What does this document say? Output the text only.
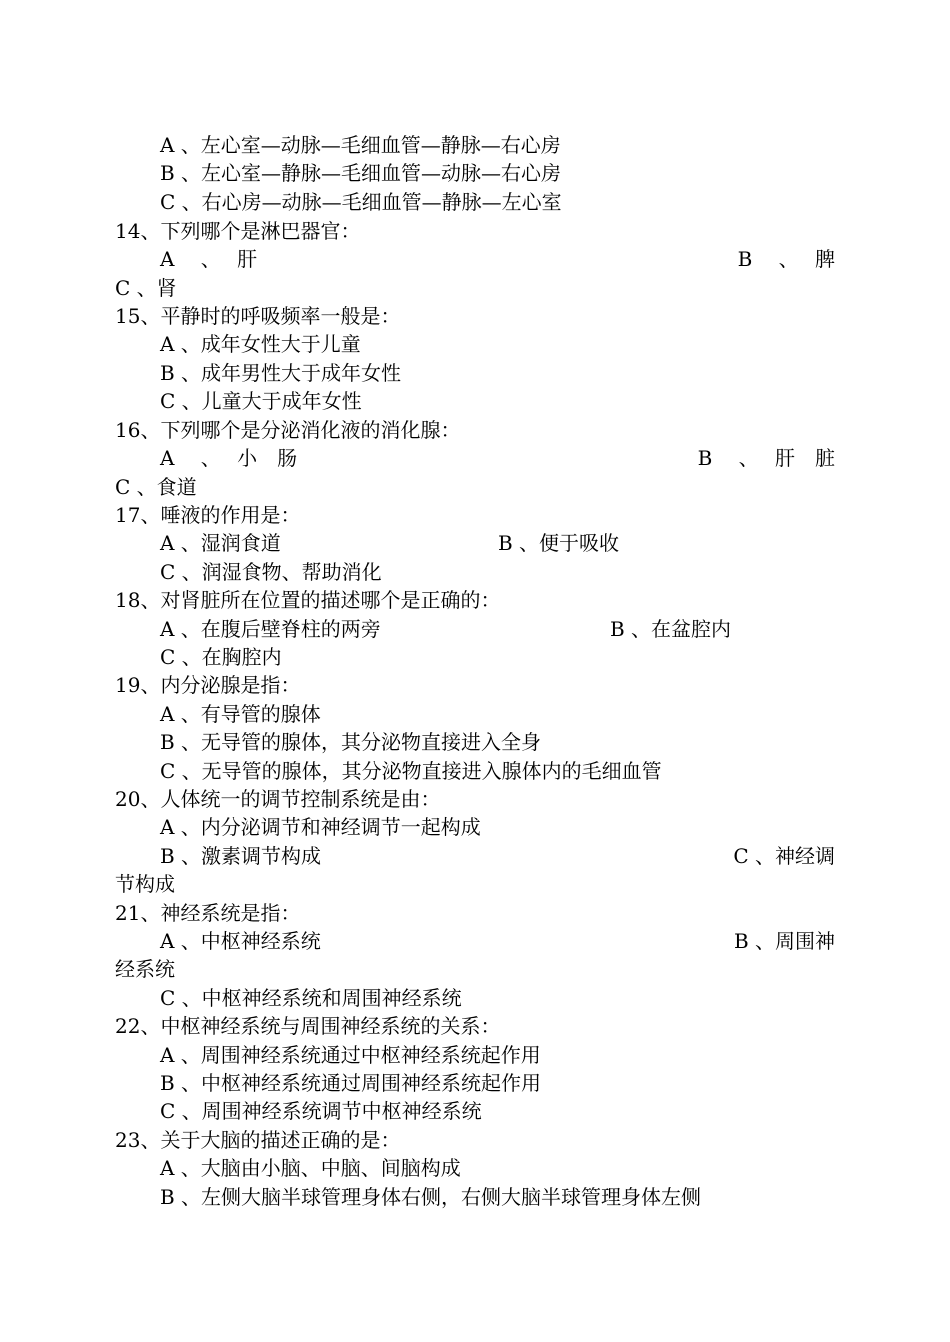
A 、左心室—动脉—毛细血管—静脉—右心房
B 、左心室—静脉—毛细血管—动脉—右心房
C 、右心房—动脉—毛细血管—静脉—左心室
14、下列哪个是淋巴器官：
A　 、　 肝	B　 、　 脾
C 、肾
15、平静时的呼吸频率一般是：
A 、成年女性大于儿童
B 、成年男性大于成年女性
C 、儿童大于成年女性
16、下列哪个是分泌消化液的消化腺：
A　 、　 小　肠	B　 、　 肝　脏
C 、食道
17、唾液的作用是：
A 、湿润食道	B 、便于吸收
C 、润湿食物、帮助消化
18、对肾脏所在位置的描述哪个是正确的：
A 、在腹后壁脊柱的两旁	B 、在盆腔内
C 、在胸腔内
19、内分泌腺是指：
A 、有导管的腺体
B 、无导管的腺体，其分泌物直接进入全身
C 、无导管的腺体，其分泌物直接进入腺体内的毛细血管
20、人体统一的调节控制系统是由：
A 、内分泌调节和神经调节一起构成
B 、激素调节构成	C 、神经调
节构成
21、神经系统是指：
A 、中枢神经系统	B 、周围神
经系统
C 、中枢神经系统和周围神经系统
22、中枢神经系统与周围神经系统的关系：
A 、周围神经系统通过中枢神经系统起作用
B 、中枢神经系统通过周围神经系统起作用
C 、周围神经系统调节中枢神经系统
23、关于大脑的描述正确的是：
A 、大脑由小脑、中脑、间脑构成
B 、左侧大脑半球管理身体右侧，右侧大脑半球管理身体左侧
